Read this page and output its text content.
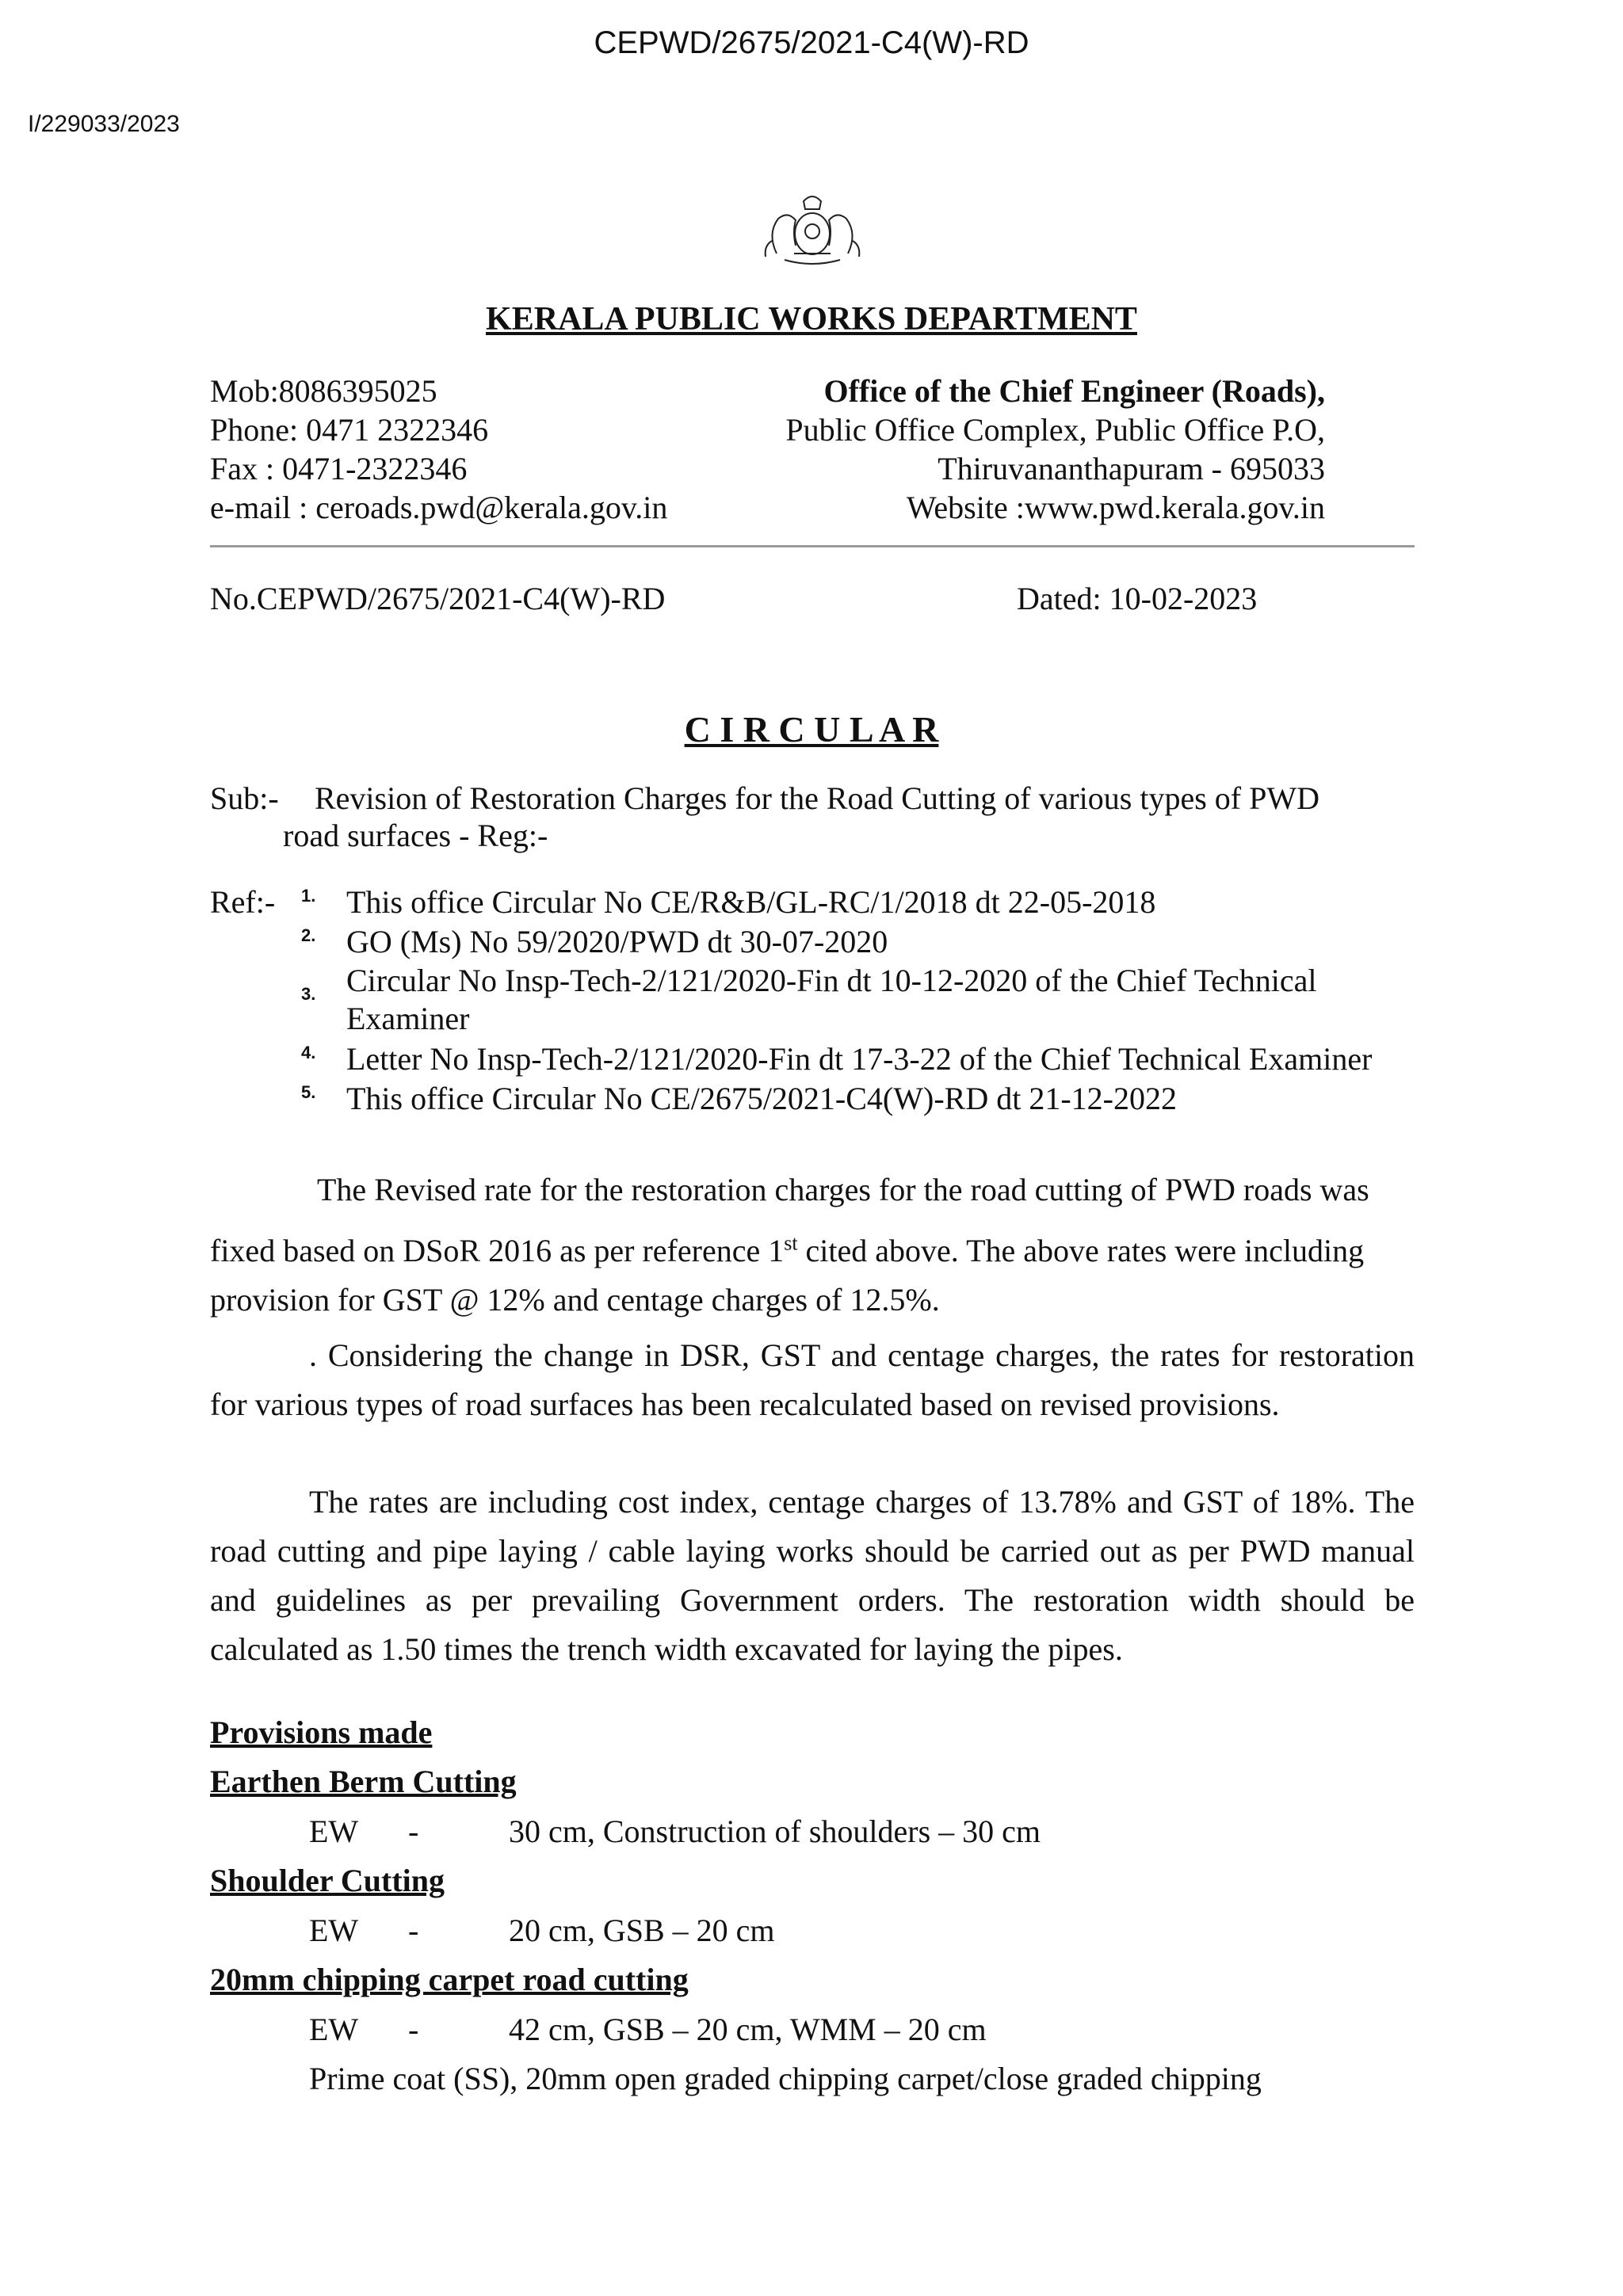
CEPWD/2675/2021-C4(W)-RD
I/229033/2023
KERALA PUBLIC WORKS DEPARTMENT
Mob:8086395025
Phone: 0471 2322346
Fax : 0471-2322346
e-mail : ceroads.pwd@kerala.gov.in
Office of the Chief Engineer (Roads),
Public Office Complex, Public Office P.O,
Thiruvananthapuram - 695033
Website :www.pwd.kerala.gov.in
No.CEPWD/2675/2021-C4(W)-RD	Dated: 10-02-2023
C I R C U L A R
Sub:- Revision of Restoration Charges for the Road Cutting of various types of PWD
road surfaces - Reg:-
Ref:- 1. This office Circular No CE/R&B/GL-RC/1/2018 dt 22-05-2018
2. GO (Ms) No 59/2020/PWD dt 30-07-2020
3. Circular No Insp-Tech-2/121/2020-Fin dt 10-12-2020 of the Chief Technical
Examiner
4. Letter No Insp-Tech-2/121/2020-Fin dt 17-3-22 of the Chief Technical Examiner
5. This office Circular No CE/2675/2021-C4(W)-RD dt 21-12-2022
The Revised rate for the restoration charges for the road cutting of PWD roads was
fixed based on DSoR 2016 as per reference 1st cited above. The above rates were including
provision for GST @ 12% and centage charges of 12.5%.
. Considering the change in DSR, GST and centage charges, the rates for restoration for various types of road surfaces has been recalculated based on revised provisions.
The rates are including cost index, centage charges of 13.78% and GST of 18%. The road cutting and pipe laying / cable laying works should be carried out as per PWD manual and guidelines as per prevailing Government orders. The restoration width should be calculated as 1.50 times the trench width excavated for laying the pipes.
Provisions made
Earthen Berm Cutting
EW -	30 cm, Construction of shoulders – 30 cm
Shoulder Cutting
EW -	20 cm, GSB – 20 cm
20mm chipping carpet road cutting
EW -	42 cm, GSB – 20 cm, WMM – 20 cm
Prime coat (SS), 20mm open graded chipping carpet/close graded chipping
